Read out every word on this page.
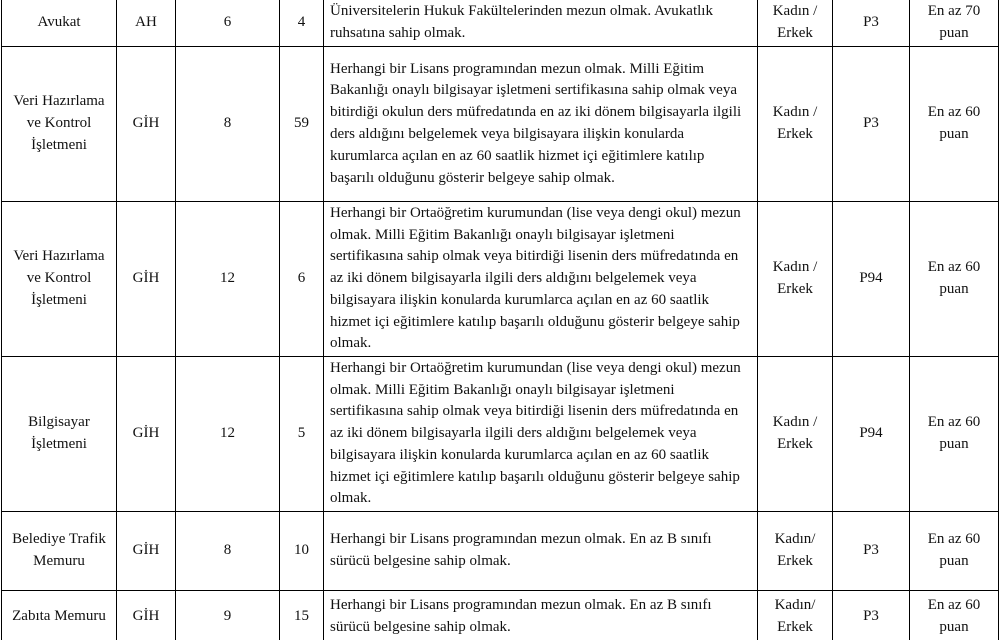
Avukat	AH	6	4	Üniversitelerin Hukuk Fakültelerinden mezun olmak. Avukatlık ruhsatına sahip olmak.	Kadın / Erkek	P3	En az 70 puan
Veri Hazırlama ve Kontrol İşletmeni	GİH	8	59	Herhangi bir Lisans programından mezun olmak. Milli Eğitim Bakanlığı onaylı bilgisayar işletmeni sertifikasına sahip olmak veya bitirdiği okulun ders müfredatında en az iki dönem bilgisayarla ilgili ders aldığını belgelemek veya bilgisayara ilişkin konularda kurumlarca açılan en az 60 saatlik hizmet içi eğitimlere katılıp başarılı olduğunu gösterir belgeye sahip olmak.	Kadın / Erkek	P3	En az 60 puan
Veri Hazırlama ve Kontrol İşletmeni	GİH	12	6	Herhangi bir Ortaöğretim kurumundan (lise veya dengi okul) mezun olmak. Milli Eğitim Bakanlığı onaylı bilgisayar işletmeni sertifikasına sahip olmak veya bitirdiği lisenin ders müfredatında en az iki dönem bilgisayarla ilgili ders aldığını belgelemek veya bilgisayara ilişkin konularda kurumlarca açılan en az 60 saatlik hizmet içi eğitimlere katılıp başarılı olduğunu gösterir belgeye sahip olmak.	Kadın / Erkek	P94	En az 60 puan
Bilgisayar İşletmeni	GİH	12	5	Herhangi bir Ortaöğretim kurumundan (lise veya dengi okul) mezun olmak. Milli Eğitim Bakanlığı onaylı bilgisayar işletmeni sertifikasına sahip olmak veya bitirdiği lisenin ders müfredatında en az iki dönem bilgisayarla ilgili ders aldığını belgelemek veya bilgisayara ilişkin konularda kurumlarca açılan en az 60 saatlik hizmet içi eğitimlere katılıp başarılı olduğunu gösterir belgeye sahip olmak.	Kadın / Erkek	P94	En az 60 puan
Belediye Trafik Memuru	GİH	8	10	Herhangi bir Lisans programından mezun olmak. En az B sınıfı sürücü belgesine sahip olmak.	Kadın/ Erkek	P3	En az 60 puan
Zabıta Memuru	GİH	9	15	Herhangi bir Lisans programından mezun olmak. En az B sınıfı sürücü belgesine sahip olmak.	Kadın/ Erkek	P3	En az 60 puan
